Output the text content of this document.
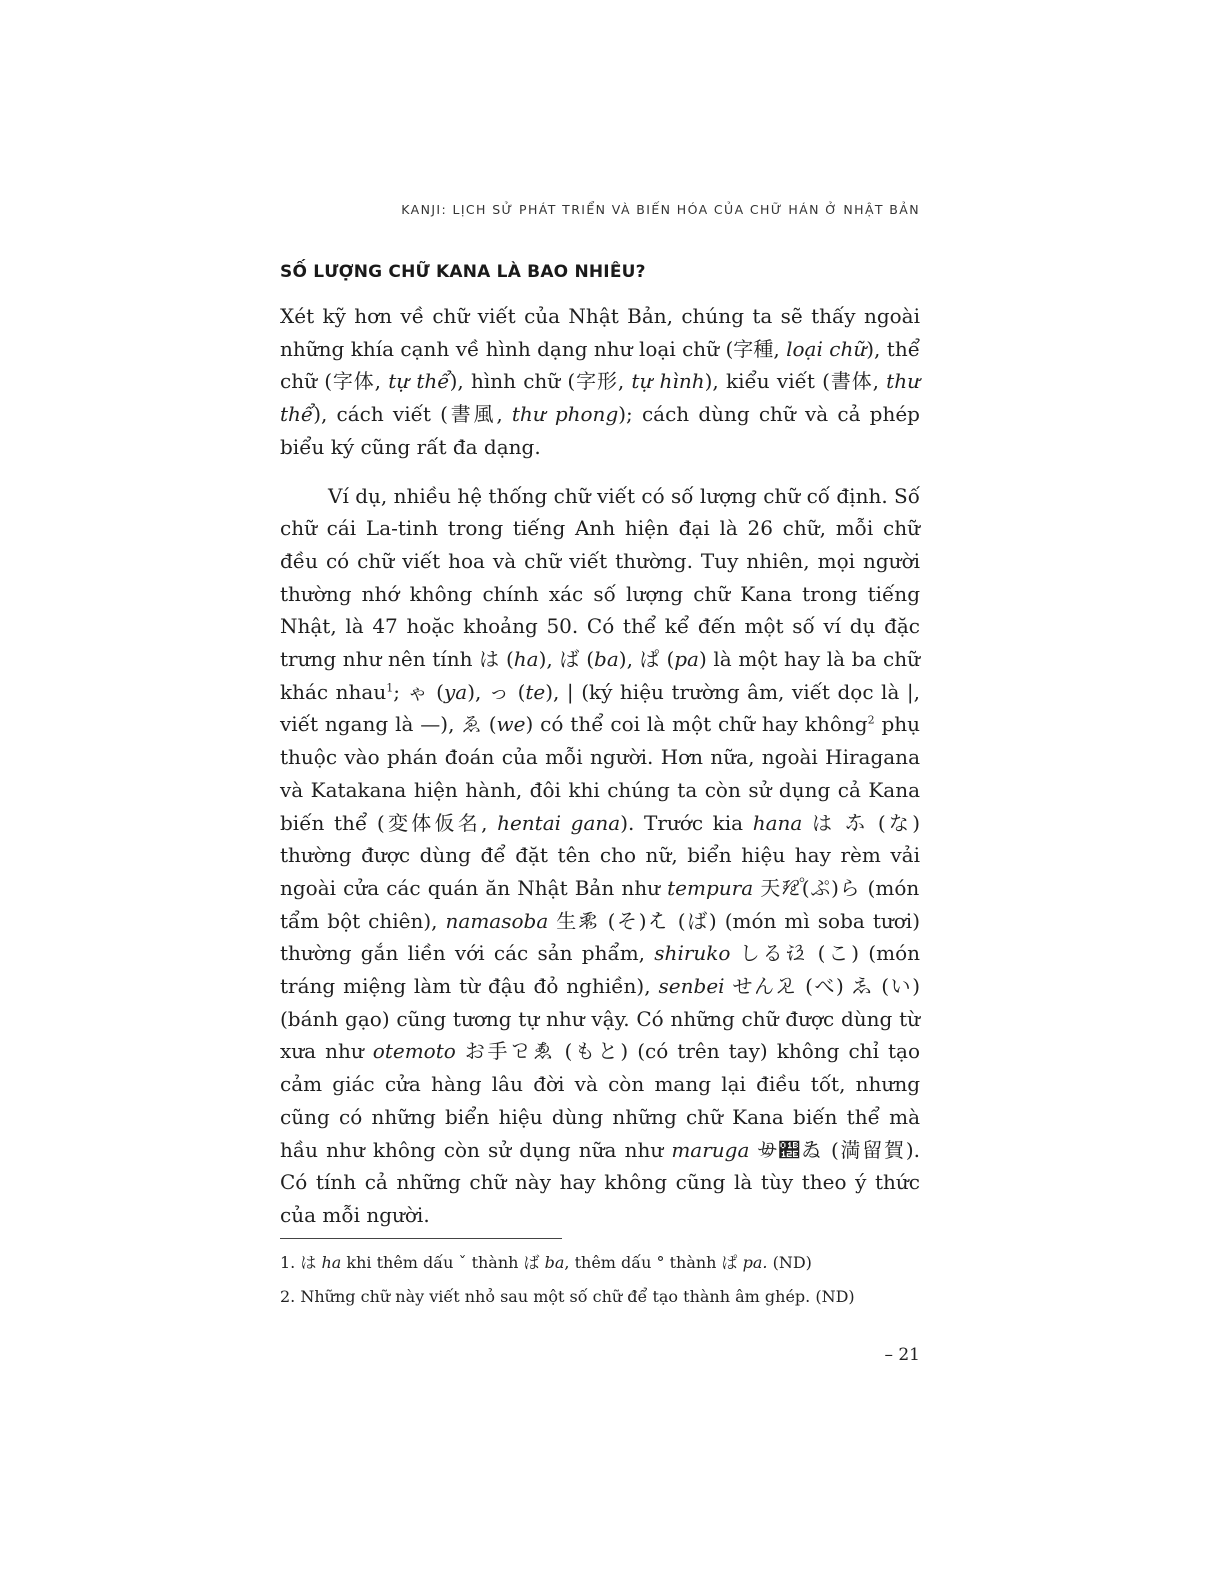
KANJI: LỊCH SỬ PHÁT TRIỂN VÀ BIẾN HÓA CỦA CHỮ HÁN Ở NHẬT BẢN
SỐ LƯỢNG CHỮ KANA LÀ BAO NHIÊU?

Xét kỹ hơn về chữ viết của Nhật Bản, chúng ta sẽ thấy ngoài những khía cạnh về hình dạng như loại chữ (字種, loại chữ), thể chữ (字体, tự thể), hình chữ (字形, tự hình), kiểu viết (書体, thư thể), cách viết (書風, thư phong); cách dùng chữ và cả phép biểu ký cũng rất đa dạng.

Ví dụ, nhiều hệ thống chữ viết có số lượng chữ cố định. Số chữ cái La-tinh trong tiếng Anh hiện đại là 26 chữ, mỗi chữ đều có chữ viết hoa và chữ viết thường. Tuy nhiên, mọi người thường nhớ không chính xác số lượng chữ Kana trong tiếng Nhật, là 47 hoặc khoảng 50. Có thể kể đến một số ví dụ đặc trưng như nên tính は (ha), ば (ba), ぱ (pa) là một hay là ba chữ khác nhau$^1$; ゃ (ya), っ (te), | (ký hiệu trường âm, viết dọc là |, viết ngang là —), ゑ (we) có thể coi là một chữ hay không$^2$ phụ thuộc vào phán đoán của mỗi người. Hơn nữa, ngoài Hiragana và Katakana hiện hành, đôi khi chúng ta còn sử dụng cả Kana biến thể (変体仮名, hentai gana). Trước kia hana は 𛂁 (な) thường được dùng để đặt tên cho nữ, biển hiệu hay rèm vải ngoài cửa các quán ăn Nhật Bản như tempura 天𛃵゚(ぷ)ら (món tẩm bột chiên), namasoba 生𛄁 (そ)𛂦 (ば) (món mì soba tươi) thường gắn liền với các sản phẩm, shiruko しる𛀻 (こ) (món tráng miệng làm từ đậu đỏ nghiền), senbei せん𛃎 (べ) 𛀅 (い) (bánh gạo) cũng tương tự như vậy. Có những chữ được dùng từ xưa như otemoto お手𛄌𛄒 (もと) (có trên tay) không chỉ tạo cảm giác cửa hàng lâu đời và còn mang lại điều tốt, nhưng cũng có những biển hiệu dùng những chữ Kana biến thể mà hầu như không còn sử dụng nữa như maruga 𛃗𛄮𛁁 (満留賀). Có tính cả những chữ này hay không cũng là tùy theo ý thức của mỗi người.

1. は ha khi thêm dấu ˇ thành ば ba, thêm dấu ° thành ぱ pa. (ND)

2. Những chữ này viết nhỏ sau một số chữ để tạo thành âm ghép. (ND)

– 21
